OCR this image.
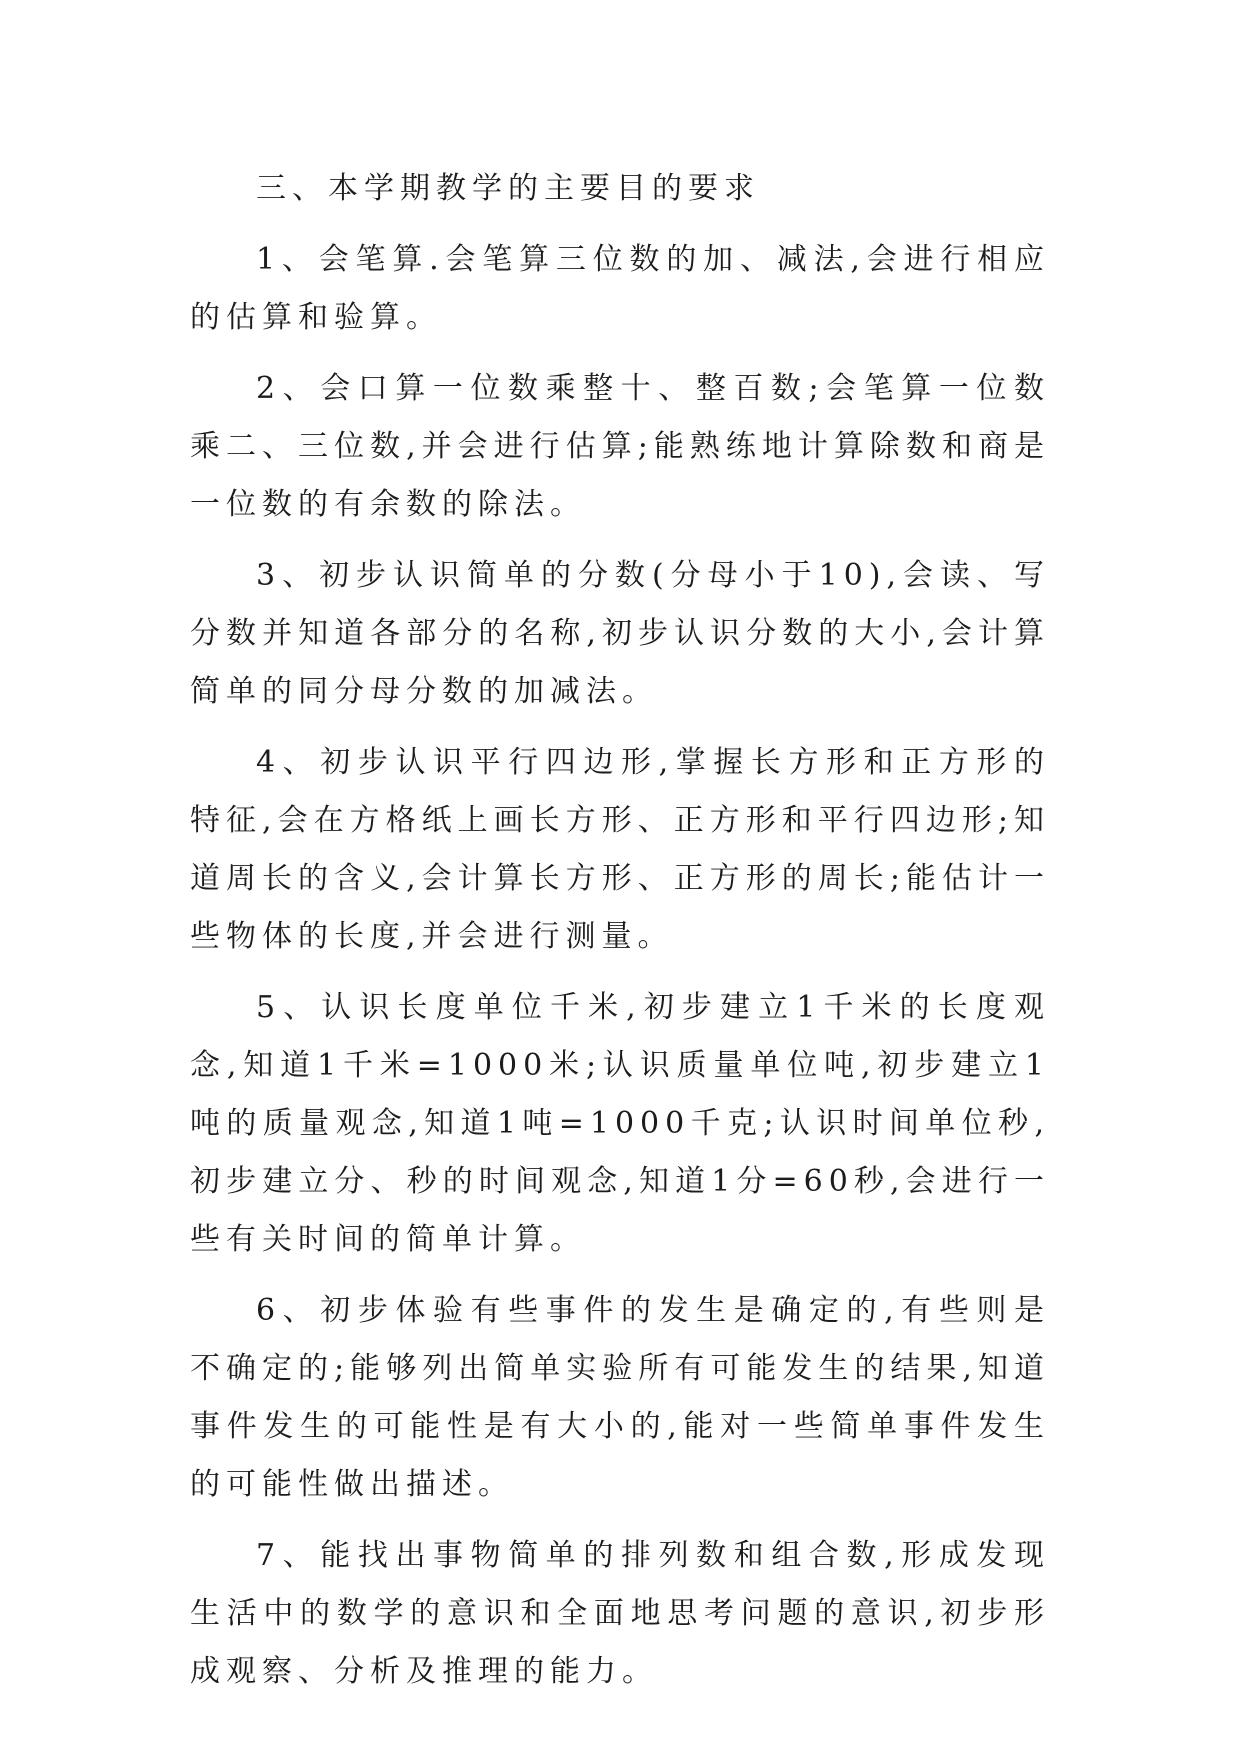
三、本学期教学的主要目的要求

1、会笔算.会笔算三位数的加、减法,会进行相应的估算和验算。

2、会口算一位数乘整十、整百数;会笔算一位数乘二、三位数,并会进行估算;能熟练地计算除数和商是一位数的有余数的除法。

3、初步认识简单的分数(分母小于10),会读、写分数并知道各部分的名称,初步认识分数的大小,会计算简单的同分母分数的加减法。

4、初步认识平行四边形,掌握长方形和正方形的特征,会在方格纸上画长方形、正方形和平行四边形;知道周长的含义,会计算长方形、正方形的周长;能估计一些物体的长度,并会进行测量。

5、认识长度单位千米,初步建立1千米的长度观念,知道1千米=1000米;认识质量单位吨,初步建立1吨的质量观念,知道1吨=1000千克;认识时间单位秒,初步建立分、秒的时间观念,知道1分=60秒,会进行一些有关时间的简单计算。

6、初步体验有些事件的发生是确定的,有些则是不确定的;能够列出简单实验所有可能发生的结果,知道事件发生的可能性是有大小的,能对一些简单事件发生的可能性做出描述。

7、能找出事物简单的排列数和组合数,形成发现生活中的数学的意识和全面地思考问题的意识,初步形成观察、分析及推理的能力。
